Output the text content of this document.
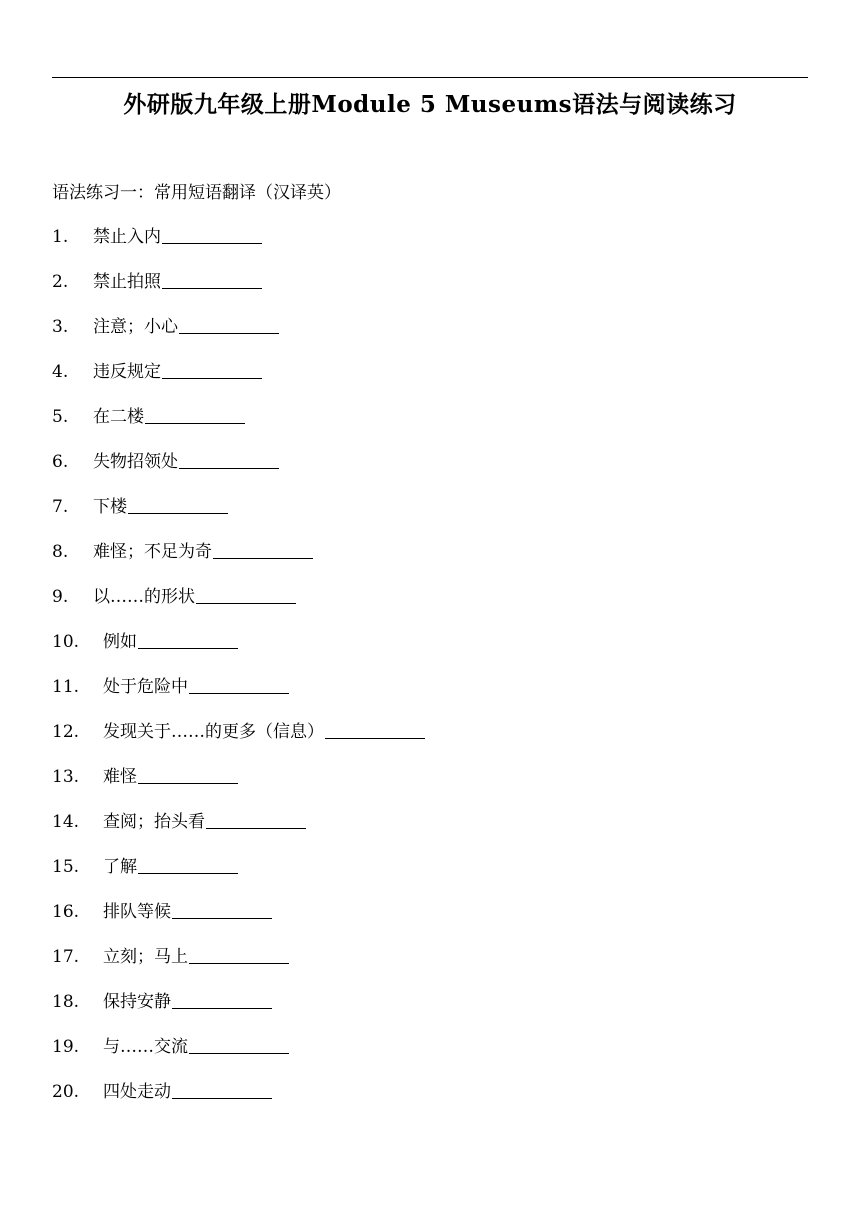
外研版九年级上册Module 5 Museums语法与阅读练习
语法练习一：常用短语翻译（汉译英）
1.	禁止入内
2.	禁止拍照
3.	注意；小心
4.	违反规定
5.	在二楼
6.	失物招领处
7.	下楼
8.	难怪；不足为奇
9.	以……的形状
10.	例如
11.	处于危险中
12.	发现关于……的更多（信息）
13.	难怪
14.	查阅；抬头看
15.	了解
16.	排队等候
17.	立刻；马上
18.	保持安静
19.	与……交流
20.	四处走动
